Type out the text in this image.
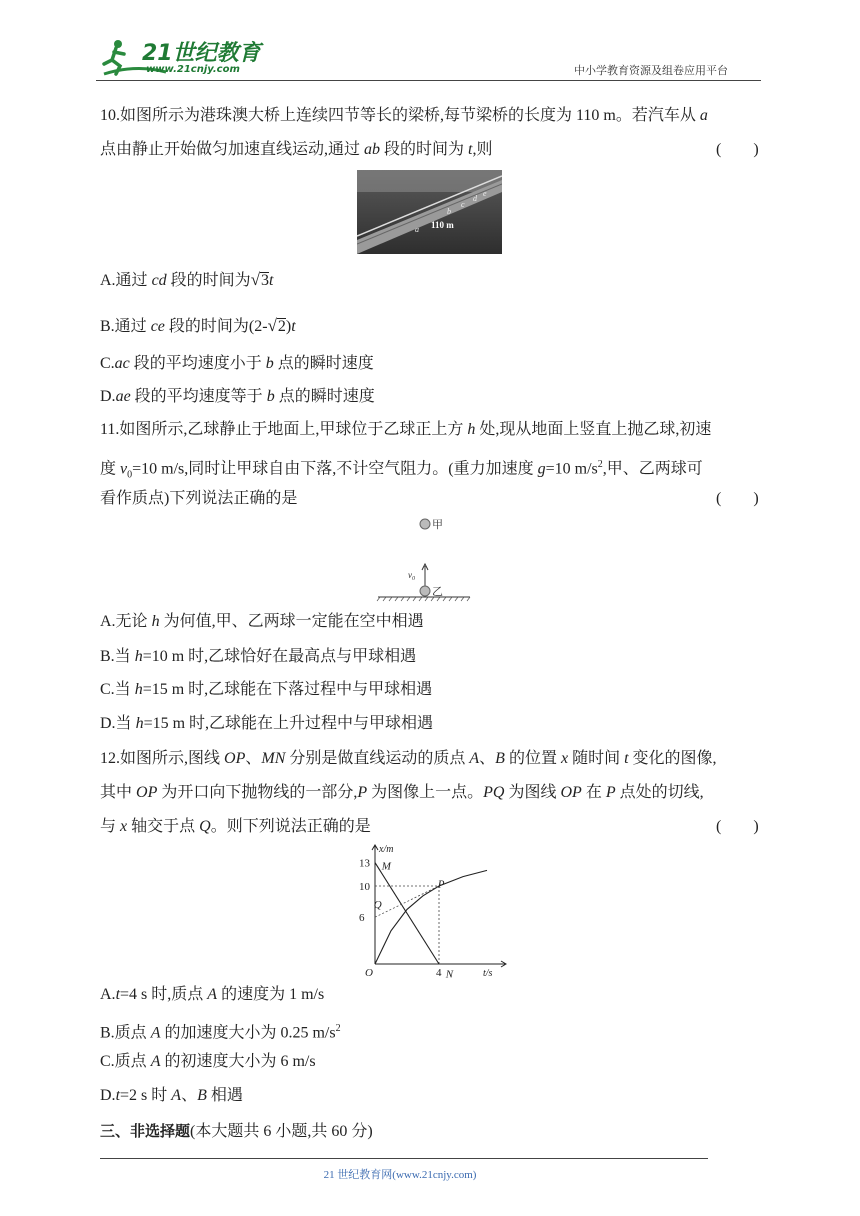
21世纪教育
www.21cnjy.com	中小学教育资源及组卷应用平台
10.如图所示为港珠澳大桥上连续四节等长的梁桥,每节梁桥的长度为 110 m。若汽车从 a
点由静止开始做匀加速直线运动,通过 ab 段的时间为 t,则	(　　)
a
b
c
d
e
110 m
A.通过 cd 段的时间为√3t
B.通过 ce 段的时间为(2-√2)t
C.ac 段的平均速度小于 b 点的瞬时速度
D.ae 段的平均速度等于 b 点的瞬时速度
11.如图所示,乙球静止于地面上,甲球位于乙球正上方 h 处,现从地面上竖直上抛乙球,初速
度 $v_0=10$ m/s,同时让甲球自由下落,不计空气阻力。(重力加速度 g=10 $m/s^2$,甲、乙两球可
看作质点)下列说法正确的是	(　　)
甲
$v_0$
乙
A.无论 h 为何值,甲、乙两球一定能在空中相遇
B.当 h=10 m 时,乙球恰好在最高点与甲球相遇
C.当 h=15 m 时,乙球能在下落过程中与甲球相遇
D.当 h=15 m 时,乙球能在上升过程中与甲球相遇
12.如图所示,图线 OP、MN 分别是做直线运动的质点 A、B 的位置 x 随时间 t 变化的图像,
其中 OP 为开口向下抛物线的一部分,P 为图像上一点。PQ 为图线 OP 在 P 点处的切线,
与 x 轴交于点 Q。则下列说法正确的是	(　　)
x/m
t/s
O
13
10
6
4
M
P
Q
N
A.t=4 s 时,质点 A 的速度为 1 m/s
B.质点 A 的加速度大小为 0.25 $m/s^2$
C.质点 A 的初速度大小为 6 m/s
D.t=2 s 时 A、B 相遇
三、非选择题(本大题共 6 小题,共 60 分)
21 世纪教育网(www.21cnjy.com)
